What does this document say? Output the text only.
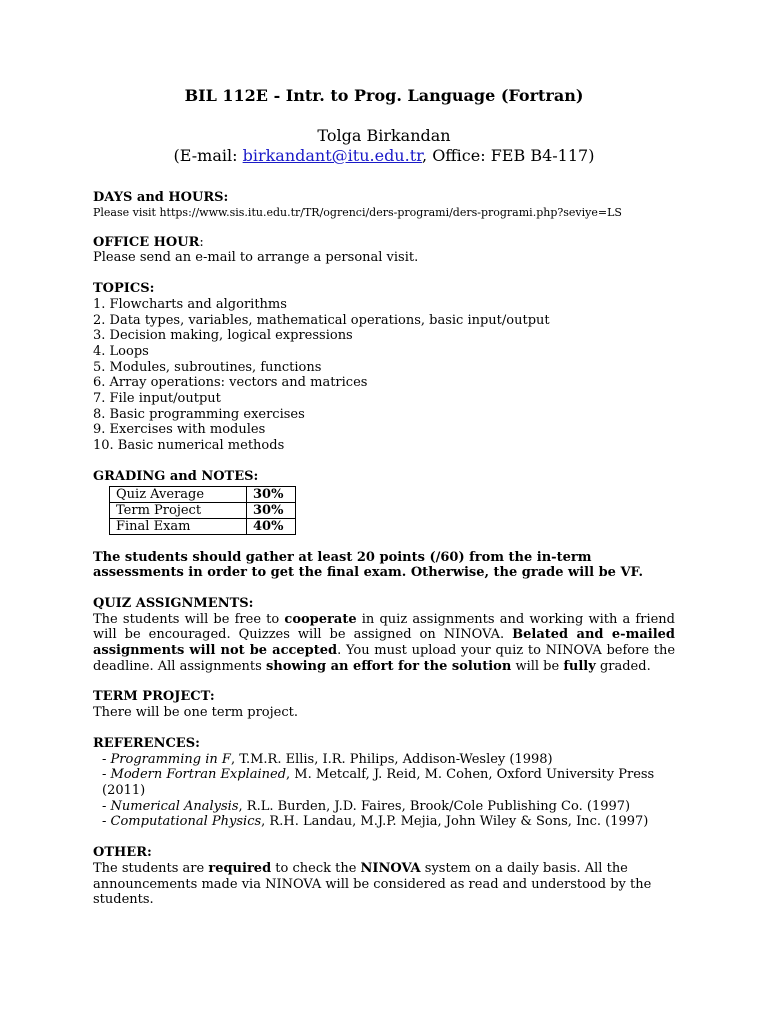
BIL 112E - Intr. to Prog. Language (Fortran)

Tolga Birkandan

(E-mail: birkandant@itu.edu.tr, Office: FEB B4-117)

DAYS and HOURS:

Please visit https://www.sis.itu.edu.tr/TR/ogrenci/ders-programi/ders-programi.php?seviye=LS

OFFICE HOUR:

Please send an e-mail to arrange a personal visit.

TOPICS:

1. Flowcharts and algorithms
2. Data types, variables, mathematical operations, basic input/output
3. Decision making, logical expressions
4. Loops
5. Modules, subroutines, functions
6. Array operations: vectors and matrices
7. File input/output
8. Basic programming exercises
9. Exercises with modules
10. Basic numerical methods

GRADING and NOTES:

Quiz Average	30%
Term Project	30%
Final Exam	40%

The students should gather at least 20 points (/60) from the in-term assessments in order to get the final exam. Otherwise, the grade will be VF.

QUIZ ASSIGNMENTS:

The students will be free to cooperate in quiz assignments and working with a friend will be encouraged. Quizzes will be assigned on NINOVA. Belated and e-mailed assignments will not be accepted. You must upload your quiz to NINOVA before the deadline. All assignments showing an effort for the solution will be fully graded.

TERM PROJECT:

There will be one term project.

REFERENCES:

- Programming in F, T.M.R. Ellis, I.R. Philips, Addison-Wesley (1998)
- Modern Fortran Explained, M. Metcalf, J. Reid, M. Cohen, Oxford University Press (2011)
- Numerical Analysis, R.L. Burden, J.D. Faires, Brook/Cole Publishing Co. (1997)
- Computational Physics, R.H. Landau, M.J.P. Mejia, John Wiley & Sons, Inc. (1997)

OTHER:

The students are required to check the NINOVA system on a daily basis. All the announcements made via NINOVA will be considered as read and understood by the students.
